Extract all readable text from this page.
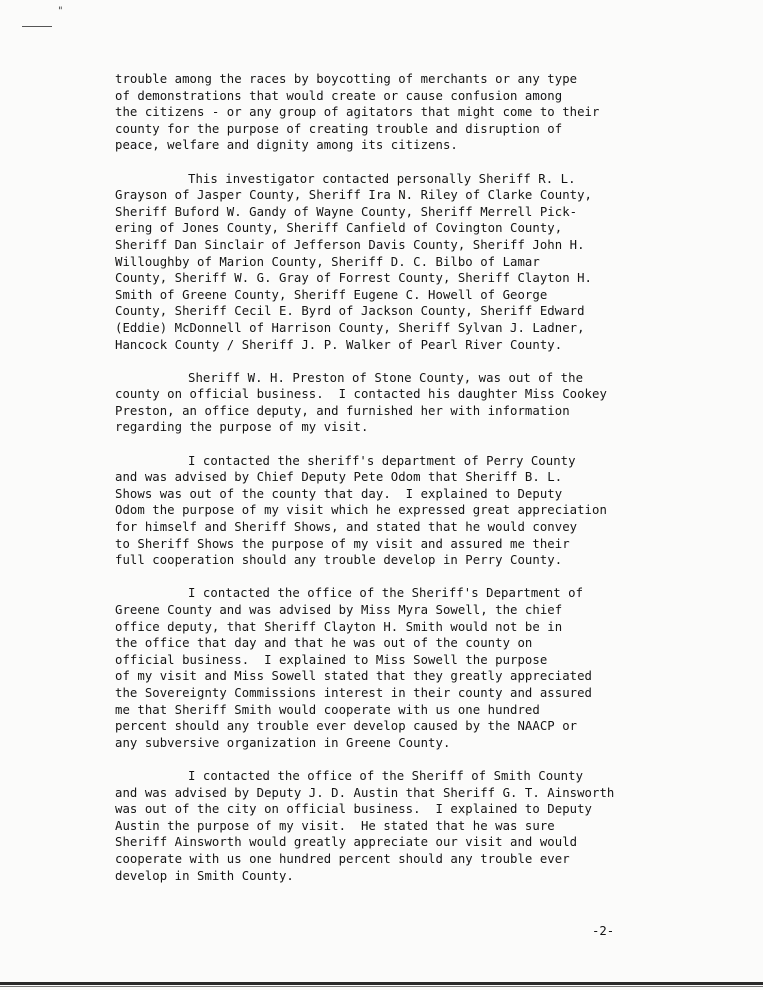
"
trouble among the races by boycotting of merchants or any type
of demonstrations that would create or cause confusion among
the citizens - or any group of agitators that might come to their
county for the purpose of creating trouble and disruption of
peace, welfare and dignity among its citizens.
This investigator contacted personally Sheriff R. L.
Grayson of Jasper County, Sheriff Ira N. Riley of Clarke County,
Sheriff Buford W. Gandy of Wayne County, Sheriff Merrell Pick-
ering of Jones County, Sheriff Canfield of Covington County,
Sheriff Dan Sinclair of Jefferson Davis County, Sheriff John H.
Willoughby of Marion County, Sheriff D. C. Bilbo of Lamar
County, Sheriff W. G. Gray of Forrest County, Sheriff Clayton H.
Smith of Greene County, Sheriff Eugene C. Howell of George
County, Sheriff Cecil E. Byrd of Jackson County, Sheriff Edward
(Eddie) McDonnell of Harrison County, Sheriff Sylvan J. Ladner,
Hancock County / Sheriff J. P. Walker of Pearl River County.
Sheriff W. H. Preston of Stone County, was out of the
county on official business.  I contacted his daughter Miss Cookey
Preston, an office deputy, and furnished her with information
regarding the purpose of my visit.
I contacted the sheriff's department of Perry County
and was advised by Chief Deputy Pete Odom that Sheriff B. L.
Shows was out of the county that day.  I explained to Deputy
Odom the purpose of my visit which he expressed great appreciation
for himself and Sheriff Shows, and stated that he would convey
to Sheriff Shows the purpose of my visit and assured me their
full cooperation should any trouble develop in Perry County.
I contacted the office of the Sheriff's Department of
Greene County and was advised by Miss Myra Sowell, the chief
office deputy, that Sheriff Clayton H. Smith would not be in
the office that day and that he was out of the county on
official business.  I explained to Miss Sowell the purpose
of my visit and Miss Sowell stated that they greatly appreciated
the Sovereignty Commissions interest in their county and assured
me that Sheriff Smith would cooperate with us one hundred
percent should any trouble ever develop caused by the NAACP or
any subversive organization in Greene County.
I contacted the office of the Sheriff of Smith County
and was advised by Deputy J. D. Austin that Sheriff G. T. Ainsworth
was out of the city on official business.  I explained to Deputy
Austin the purpose of my visit.  He stated that he was sure
Sheriff Ainsworth would greatly appreciate our visit and would
cooperate with us one hundred percent should any trouble ever
develop in Smith County.
-2-
